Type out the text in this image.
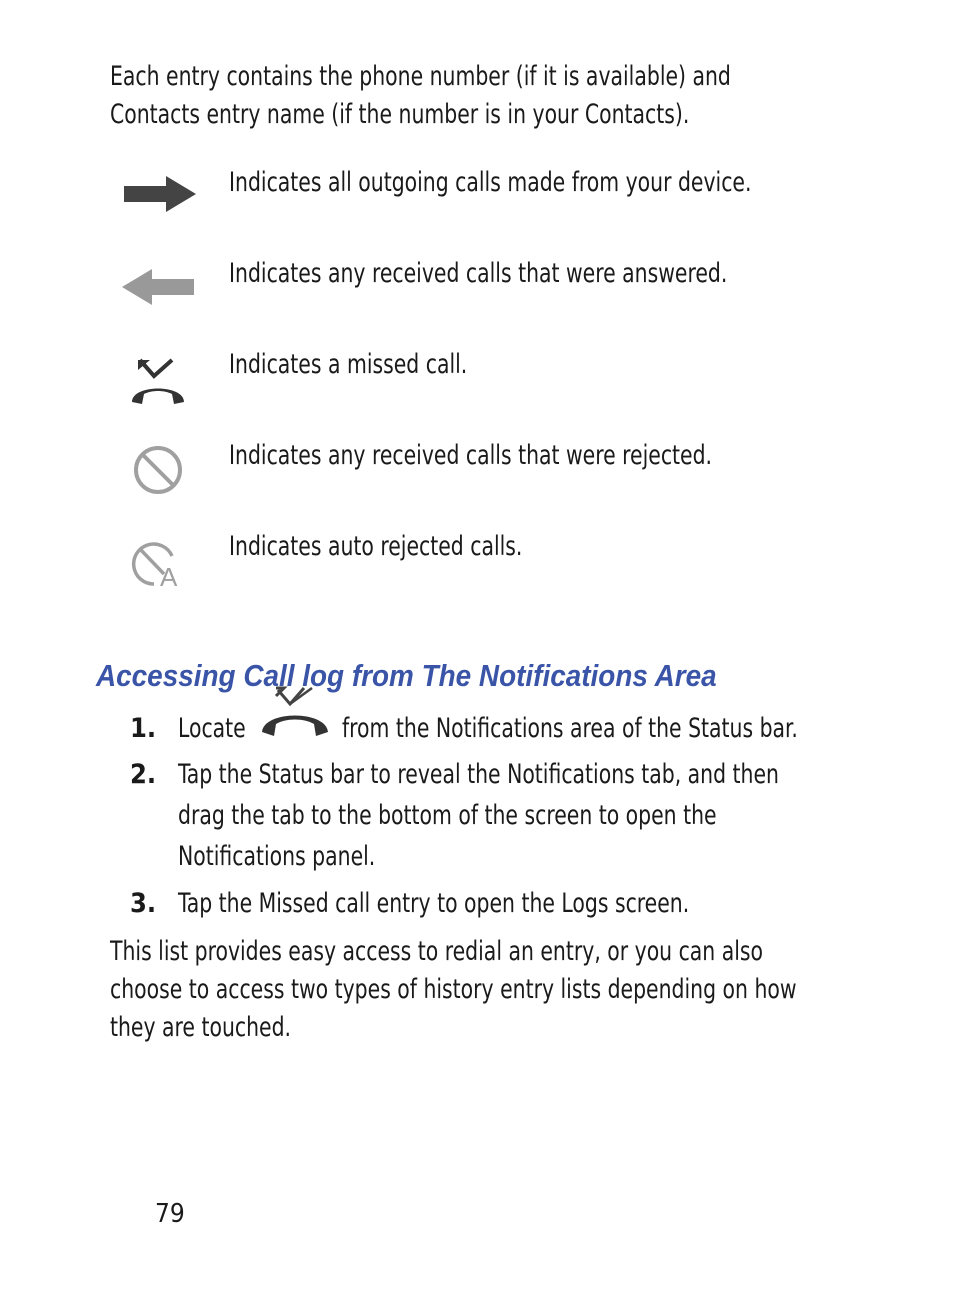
Each entry contains the phone number (if it is available) and
Contacts entry name (if the number is in your Contacts).
Indicates all outgoing calls made from your device.
Indicates any received calls that were answered.
Indicates a missed call.
Indicates any received calls that were rejected.
A
Indicates auto rejected calls.
Accessing Call log from The Notifications Area
1. Locate	from the Notifications area of the Status bar.
2. Tap the Status bar to reveal the Notifications tab, and then
drag the tab to the bottom of the screen to open the
Notifications panel.
3. Tap the Missed call entry to open the Logs screen.
This list provides easy access to redial an entry, or you can also
choose to access two types of history entry lists depending on how
they are touched.
79
